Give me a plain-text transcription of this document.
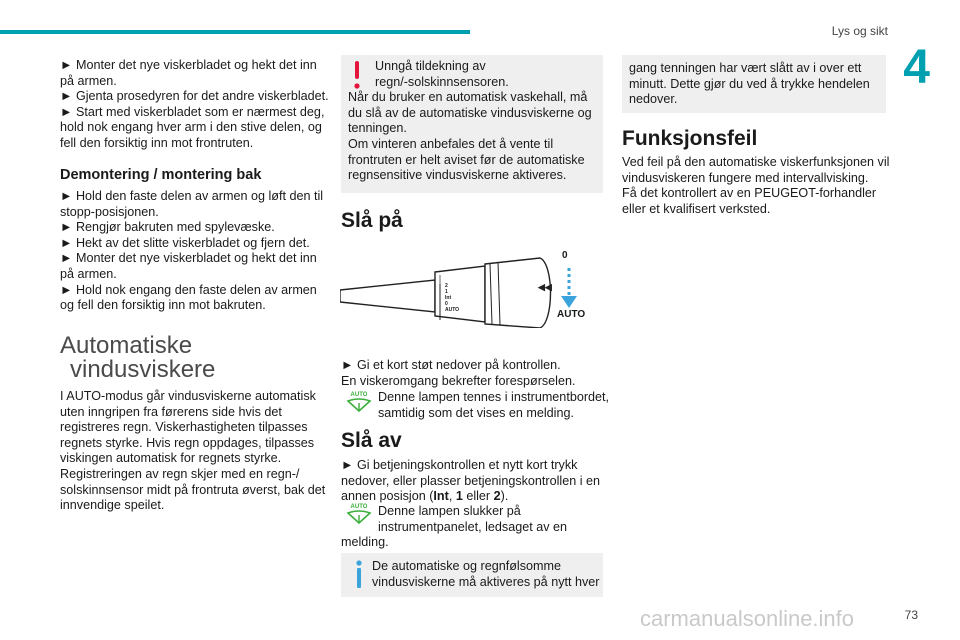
Lys og sikt
4
► Monter det nye viskerbladet og hekt det inn
på armen.
► Gjenta prosedyren for det andre viskerbladet.
► Start med viskerbladet som er nærmest deg,
hold nok engang hver arm i den stive delen, og
fell den forsiktig inn mot frontruten.
Demontering / montering bak
► Hold den faste delen av armen og løft den til
stopp-posisjonen.
► Rengjør bakruten med spylevæske.
► Hekt av det slitte viskerbladet og fjern det.
► Monter det nye viskerbladet og hekt det inn
på armen.
► Hold nok engang den faste delen av armen
og fell den forsiktig inn mot bakruten.
Automatiske
vindusviskere
I AUTO-modus går vindusviskerne automatisk
uten inngripen fra førerens side hvis det
registreres regn. Viskerhastigheten tilpasses
regnets styrke. Hvis regn oppdages, tilpasses
viskingen automatisk for regnets styrke.
Registreringen av regn skjer med en regn-/
solskinnsensor midt på frontruta øverst, bak det
innvendige speilet.
Unngå tildekning av
regn/-solskinnsensoren.
Når du bruker en automatisk vaskehall, må
du slå av de automatiske vindusviskerne og
tenningen.
Om vinteren anbefales det å vente til
frontruten er helt aviset før de automatiske
regnsensitive vindusviskerne aktiveres.
Slå på
◀◀
0
AUTO
2
1
Int
0
AUTO
► Gi et kort støt nedover på kontrollen.
En viskeromgang bekrefter forespørselen.
AUTO Denne lampen tennes i instrumentbordet,
samtidig som det vises en melding.
Slå av
► Gi betjeningskontrollen et nytt kort trykk
nedover, eller plasser betjeningskontrollen i en
annen posisjon (Int, 1 eller 2).
AUTO Denne lampen slukker på
instrumentpanelet, ledsaget av en
melding.
De automatiske og regnfølsomme
vindusviskerne må aktiveres på nytt hver
gang tenningen har vært slått av i over ett
minutt. Dette gjør du ved å trykke hendelen
nedover.
Funksjonsfeil
Ved feil på den automatiske viskerfunksjonen vil
vindusviskeren fungere med intervallvisking.
Få det kontrollert av en PEUGEOT-forhandler
eller et kvalifisert verksted.
carmanualsonline.info	73
